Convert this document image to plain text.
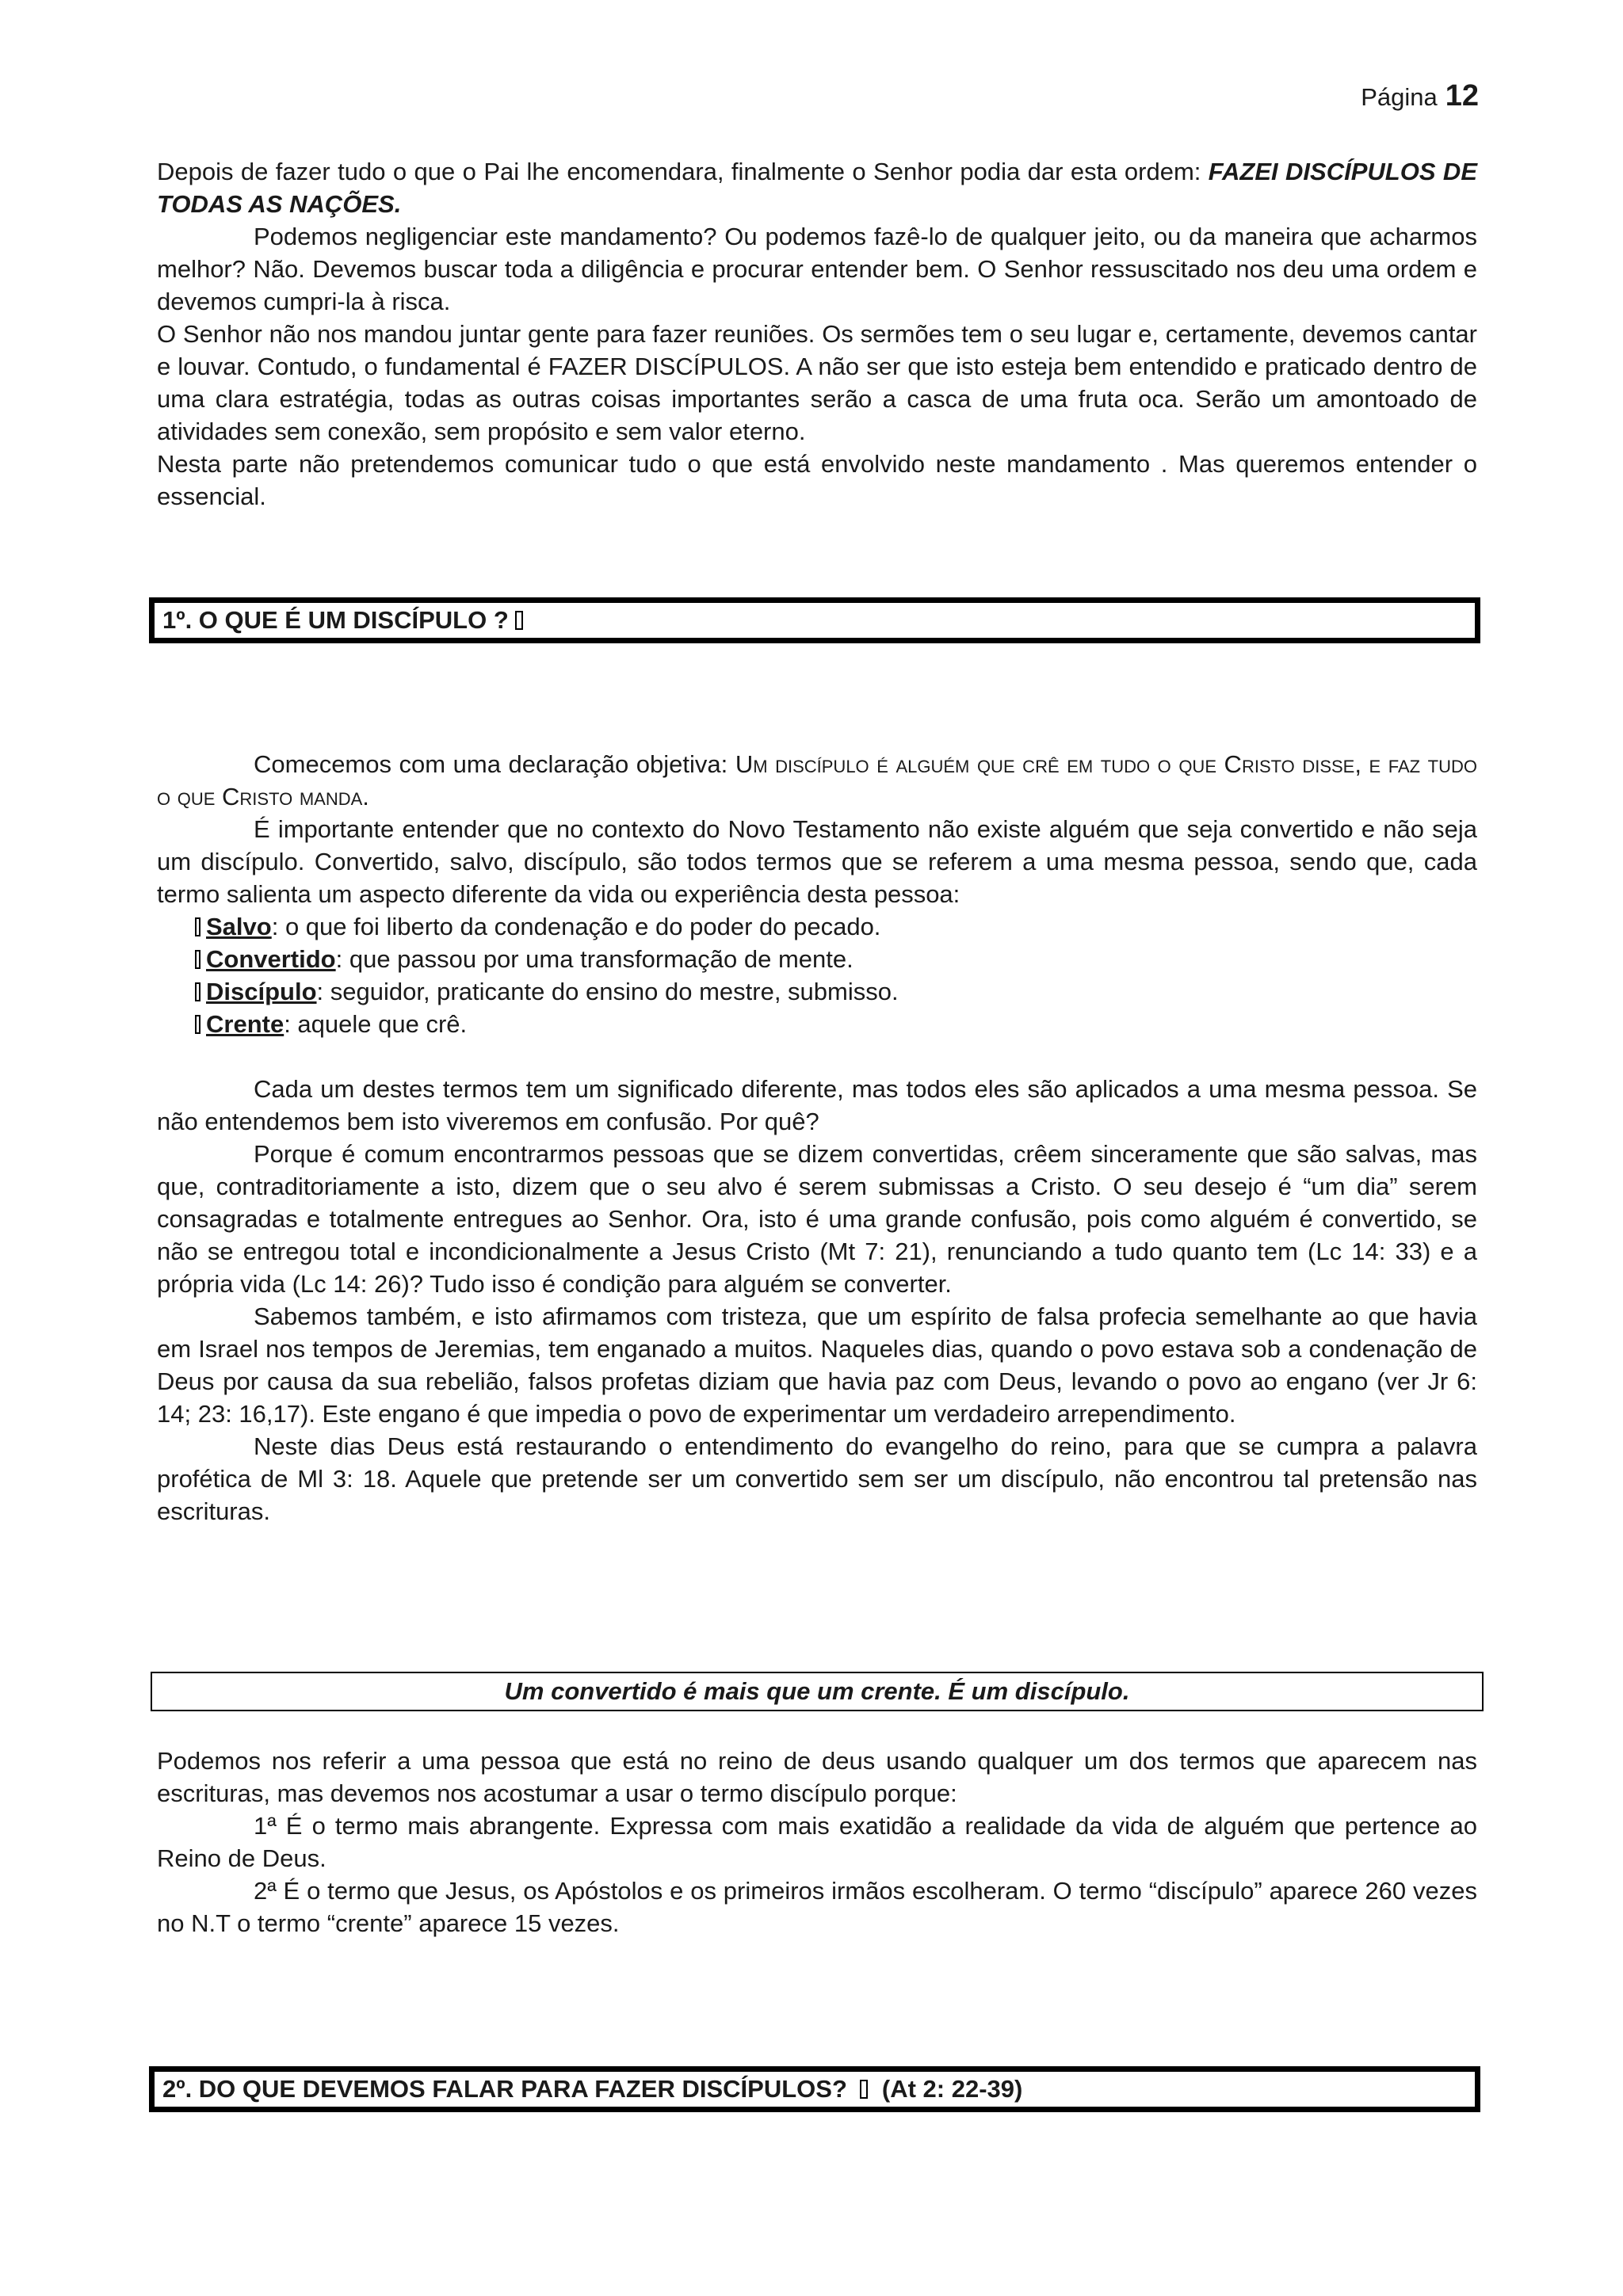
Página 12

Depois de fazer tudo o que o Pai lhe encomendara, finalmente o Senhor podia dar esta ordem: FAZEI DISCÍPULOS DE TODAS AS NAÇÕES.

Podemos negligenciar este mandamento? Ou podemos fazê-lo de qualquer jeito, ou da maneira que acharmos melhor? Não. Devemos buscar toda a diligência e procurar entender bem. O Senhor ressuscitado nos deu uma ordem e devemos cumpri-la à risca.

O Senhor não nos mandou juntar gente para fazer reuniões. Os sermões tem o seu lugar e, certamente, devemos cantar e louvar. Contudo, o fundamental é FAZER DISCÍPULOS. A não ser que isto esteja bem entendido e praticado dentro de uma clara estratégia, todas as outras coisas importantes serão a casca de uma fruta oca. Serão um amontoado de atividades sem conexão, sem propósito e sem valor eterno.

Nesta parte não pretendemos comunicar tudo o que está envolvido neste mandamento . Mas queremos entender o essencial.

1º. O QUE É UM DISCÍPULO ?

Comecemos com uma declaração objetiva: Um discípulo é alguém que crê em tudo o que Cristo disse, e faz tudo o que Cristo manda.

É importante entender que no contexto do Novo Testamento não existe alguém que seja convertido e não seja um discípulo. Convertido, salvo, discípulo, são todos termos que se referem a uma mesma pessoa, sendo que, cada termo salienta um aspecto diferente da vida ou experiência desta pessoa:

Salvo: o que foi liberto da condenação e do poder do pecado.
Convertido: que passou por uma transformação de mente.
Discípulo: seguidor, praticante do ensino do mestre, submisso.
Crente: aquele que crê.

Cada um destes termos tem um significado diferente, mas todos eles são aplicados a uma mesma pessoa. Se não entendemos bem isto viveremos em confusão. Por quê?

Porque é comum encontrarmos pessoas que se dizem convertidas, crêem sinceramente que são salvas, mas que, contraditoriamente a isto, dizem que o seu alvo é serem submissas a Cristo. O seu desejo é “um dia” serem consagradas e totalmente entregues ao Senhor. Ora, isto é uma grande confusão, pois como alguém é convertido, se não se entregou total e incondicionalmente a Jesus Cristo (Mt 7: 21), renunciando a tudo quanto tem (Lc 14: 33) e a própria vida (Lc 14: 26)? Tudo isso é condição para alguém se converter.

Sabemos também, e isto afirmamos com tristeza, que um espírito de falsa profecia semelhante ao que havia em Israel nos tempos de Jeremias, tem enganado a muitos. Naqueles dias, quando o povo estava sob a condenação de Deus por causa da sua rebelião, falsos profetas diziam que havia paz com Deus, levando o povo ao engano (ver Jr 6: 14; 23: 16,17). Este engano é que impedia o povo de experimentar um verdadeiro arrependimento.

Neste dias Deus está restaurando o entendimento do evangelho do reino, para que se cumpra a palavra profética de Ml 3: 18. Aquele que pretende ser um convertido sem ser um discípulo, não encontrou tal pretensão nas escrituras.

Um convertido é mais que um crente. É um discípulo.

Podemos nos referir a uma pessoa que está no reino de deus usando qualquer um dos termos que aparecem nas escrituras, mas devemos nos acostumar a usar o termo discípulo porque:

1ª É o termo mais abrangente. Expressa com mais exatidão a realidade da vida de alguém que pertence ao Reino de Deus.

2ª É o termo que Jesus, os Apóstolos e os primeiros irmãos escolheram. O termo “discípulo” aparece 260 vezes no N.T o termo “crente” aparece 15 vezes.

2º. DO QUE DEVEMOS FALAR PARA FAZER DISCÍPULOS? (At 2: 22-39)
